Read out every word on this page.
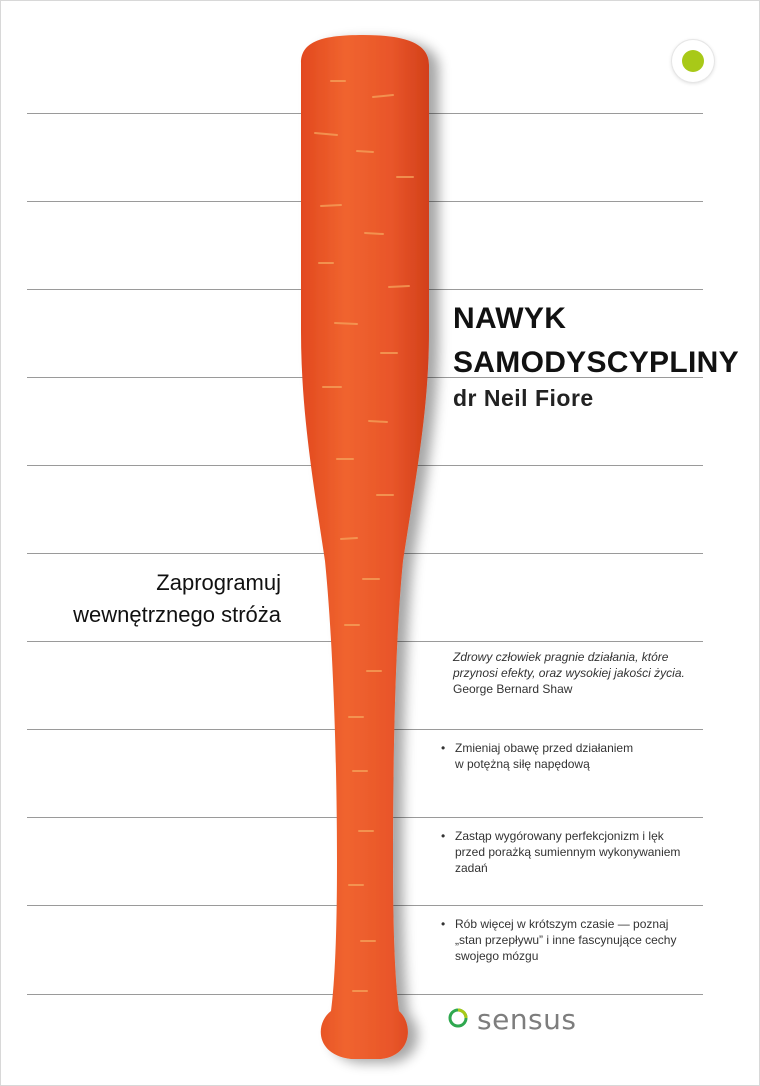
NAWYK
SAMODYSCYPLINY
dr Neil Fiore
Zaprogramuj
wewnętrznego stróża
Zdrowy człowiek pragnie działania, które
przynosi efekty, oraz wysokiej jakości życia.
George Bernard Shaw
• Zmieniaj obawę przed działaniem
w potężną siłę napędową
• Zastąp wygórowany perfekcjonizm i lęk
przed porażką sumiennym wykonywaniem
zadań
• Rób więcej w krótszym czasie — poznaj
„stan przepływu” i inne fascynujące cechy
swojego mózgu
sensus
